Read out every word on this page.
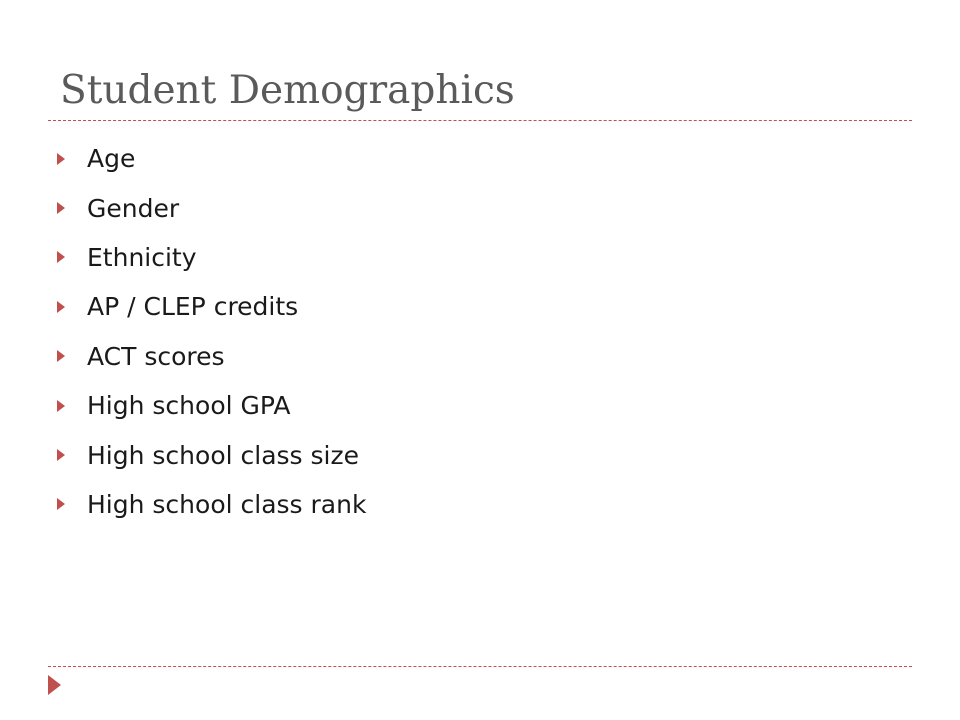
Student Demographics
Age
Gender
Ethnicity
AP / CLEP credits
ACT scores
High school GPA
High school class size
High school class rank
